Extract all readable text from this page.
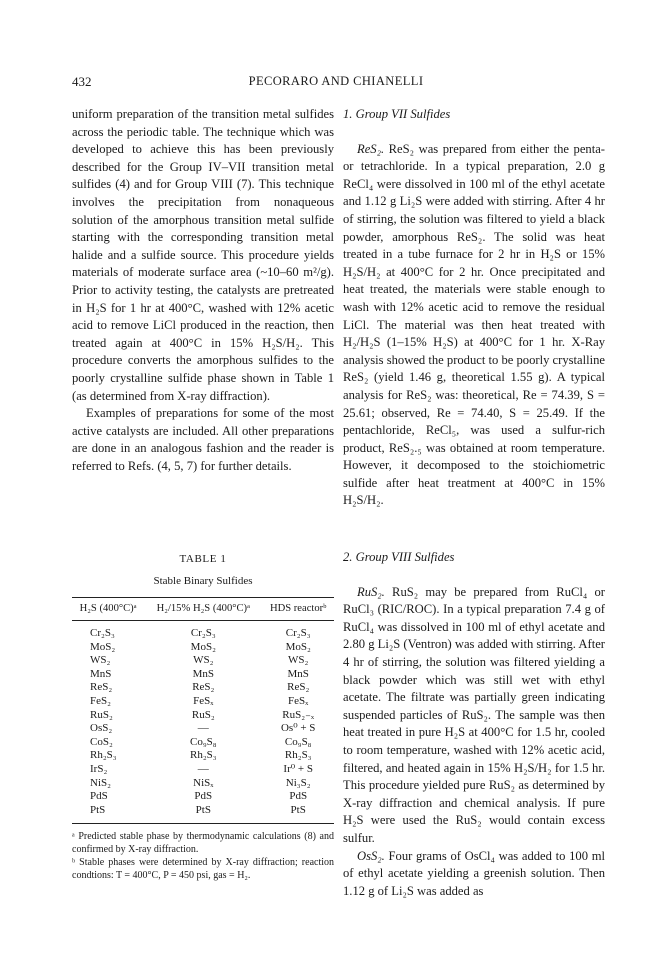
432	PECORARO AND CHIANELLI

uniform preparation of the transition metal sulfides across the periodic table. The technique which was developed to achieve this has been previously described for the Group IV–VII transition metal sulfides (4) and for Group VIII (7). This technique involves the precipitation from nonaqueous solution of the amorphous transition metal sulfide starting with the corresponding transition metal halide and a sulfide source. This procedure yields materials of moderate surface area (~10–60 m²/g). Prior to activity testing, the catalysts are pretreated in H₂S for 1 hr at 400°C, washed with 12% acetic acid to remove LiCl produced in the reaction, then treated again at 400°C in 15% H₂S/H₂. This procedure converts the amorphous sulfides to the poorly crystalline sulfide phase shown in Table 1 (as determined from X-ray diffraction).

Examples of preparations for some of the most active catalysts are included. All other preparations are done in an analogous fashion and the reader is referred to Refs. (4, 5, 7) for further details.

1. Group VII Sulfides

ReS₂. ReS₂ was prepared from either the penta- or tetrachloride. In a typical preparation, 2.0 g ReCl₄ were dissolved in 100 ml of the ethyl acetate and 1.12 g Li₂S were added with stirring. After 4 hr of stirring, the solution was filtered to yield a black powder, amorphous ReS₂. The solid was heat treated in a tube furnace for 2 hr in H₂S or 15% H₂S/H₂ at 400°C for 2 hr. Once precipitated and heat treated, the materials were stable enough to wash with 12% acetic acid to remove the residual LiCl. The material was then heat treated with H₂/H₂S (1–15% H₂S) at 400°C for 1 hr. X-Ray analysis showed the product to be poorly crystalline ReS₂ (yield 1.46 g, theoretical 1.55 g). A typical analysis for ReS₂ was: theoretical, Re = 74.39, S = 25.61; observed, Re = 74.40, S = 25.49. If the pentachloride, ReCl₅, was used a sulfur-rich product, ReS₂.₅ was obtained at room temperature. However, it decomposed to the stoichiometric sulfide after heat treatment at 400°C in 15% H₂S/H₂.

2. Group VIII Sulfides

RuS₂. RuS₂ may be prepared from RuCl₄ or RuCl₃ (RIC/ROC). In a typical preparation 7.4 g of RuCl₄ was dissolved in 100 ml of ethyl acetate and 2.80 g Li₂S (Ventron) was added with stirring. After 4 hr of stirring, the solution was filtered yielding a black powder which was still wet with ethyl acetate. The filtrate was partially green indicating suspended particles of RuS₂. The sample was then heat treated in pure H₂S at 400°C for 1.5 hr, cooled to room temperature, washed with 12% acetic acid, filtered, and heated again in 15% H₂S/H₂ for 1.5 hr. This procedure yielded pure RuS₂ as determined by X-ray diffraction and chemical analysis. If pure H₂S were used the RuS₂ would contain excess sulfur.

OsS₂. Four grams of OsCl₄ was added to 100 ml of ethyl acetate yielding a greenish solution. Then 1.12 g of Li₂S was added as

TABLE 1
Stable Binary Sulfides
H₂S (400°C)ᵃ	H₂/15% H₂S (400°C)ᵃ	HDS reactorᵇ
Cr₂S₃	Cr₂S₃	Cr₂S₃
MoS₂	MoS₂	MoS₂
WS₂	WS₂	WS₂
MnS	MnS	MnS
ReS₂	ReS₂	ReS₂
FeS₂	FeSₓ	FeSₓ
RuS₂	RuS₂	RuS₂₋ₓ
OsS₂	—	Os⁰ + S
CoS₂	Co₉S₈	Co₉S₈
Rh₂S₃	Rh₂S₃	Rh₂S₃
IrS₂	—	Ir⁰ + S
NiS₂	NiSₓ	Ni₃S₂
PdS	PdS	PdS
PtS	PtS	PtS

ᵃ Predicted stable phase by thermodynamic calculations (8) and confirmed by X-ray diffraction.

ᵇ Stable phases were determined by X-ray diffraction; reaction condtions: T = 400°C, P = 450 psi, gas = H₂.
